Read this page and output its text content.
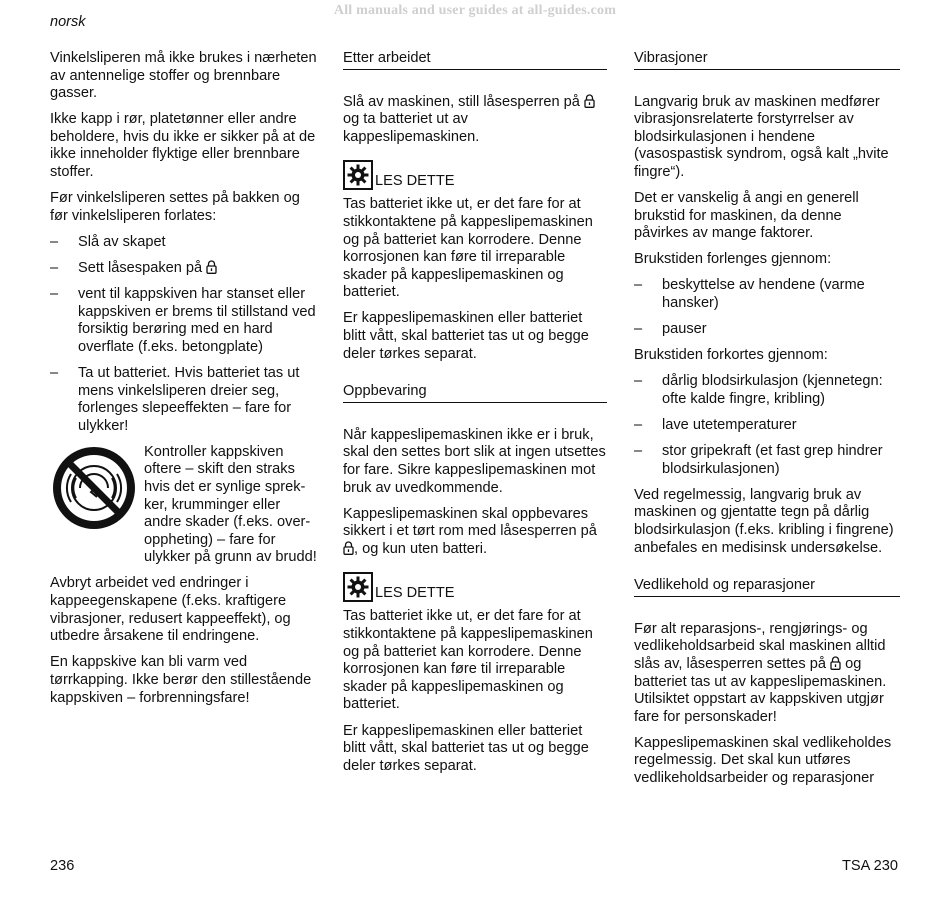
All manuals and user guides at all-guides.com
norsk

Vinkelsliperen må ikke brukes i nærheten av antennelige stoffer og brennbare gasser.

Ikke kapp i rør, platetønner eller andre beholdere, hvis du ikke er sikker på at de ikke inneholder flyktige eller brennbare stoffer.

Før vinkelsliperen settes på bakken og før vinkelsliperen forlates:

– Slå av skapet
– Sett låsespaken på
– vent til kappskiven har stanset eller kappskiven er brems til stillstand ved forsiktig berøring med en hard overflate (f.eks. betongplate)
– Ta ut batteriet. Hvis batteriet tas ut mens vinkelsliperen dreier seg, forlenges slepeeffekten – fare for ulykker!
Kontroller kappskiven oftere – skift den straks hvis det er synlige sprek-ker, krumminger eller andre skader (f.eks. over-oppheting) – fare for ulykker på grunn av brudd!

Avbryt arbeidet ved endringer i kappeegenskapene (f.eks. kraftigere vibrasjoner, redusert kappeeffekt), og utbedre årsakene til endringene.

En kappskive kan bli varm ved tørrkapping. Ikke berør den stillestående kappskiven – forbrenningsfare!

Etter arbeidet

Slå av maskinen, still låsesperren på  og ta batteriet ut av kappeslipemaskinen.

LES DETTE

Tas batteriet ikke ut, er det fare for at stikkontaktene på kappeslipemaskinen og på batteriet kan korrodere. Denne korrosjonen kan føre til irreparable skader på kappeslipemaskinen og batteriet.

Er kappeslipemaskinen eller batteriet blitt vått, skal batteriet tas ut og begge deler tørkes separat.

Oppbevaring

Når kappeslipemaskinen ikke er i bruk, skal den settes bort slik at ingen utsettes for fare. Sikre kappeslipemaskinen mot bruk av uvedkommende.

Kappeslipemaskinen skal oppbevares sikkert i et tørt rom med låsesperren på , og kun uten batteri.

LES DETTE

Tas batteriet ikke ut, er det fare for at stikkontaktene på kappeslipemaskinen og på batteriet kan korrodere. Denne korrosjonen kan føre til irreparable skader på kappeslipemaskinen og batteriet.

Er kappeslipemaskinen eller batteriet blitt vått, skal batteriet tas ut og begge deler tørkes separat.

Vibrasjoner

Langvarig bruk av maskinen medfører vibrasjonsrelaterte forstyrrelser av blodsirkulasjonen i hendene (vasospastisk syndrom, også kalt „hvite fingre“).

Det er vanskelig å angi en generell brukstid for maskinen, da denne påvirkes av mange faktorer.

Brukstiden forlenges gjennom:

– beskyttelse av hendene (varme hansker)
– pauser

Brukstiden forkortes gjennom:

– dårlig blodsirkulasjon (kjennetegn: ofte kalde fingre, kribling)
– lave utetemperaturer
– stor gripekraft (et fast grep hindrer blodsirkulasjonen)

Ved regelmessig, langvarig bruk av maskinen og gjentatte tegn på dårlig blodsirkulasjon (f.eks. kribling i fingrene) anbefales en medisinsk undersøkelse.

Vedlikehold og reparasjoner

Før alt reparasjons-, rengjørings- og vedlikeholdsarbeid skal maskinen alltid slås av, låsesperren settes på og batteriet tas ut av kappeslipemaskinen. Utilsiktet oppstart av kappskiven utgjør fare for personskader!

Kappeslipemaskinen skal vedlikeholdes regelmessig. Det skal kun utføres vedlikeholdsarbeider og reparasjoner

236	TSA 230
